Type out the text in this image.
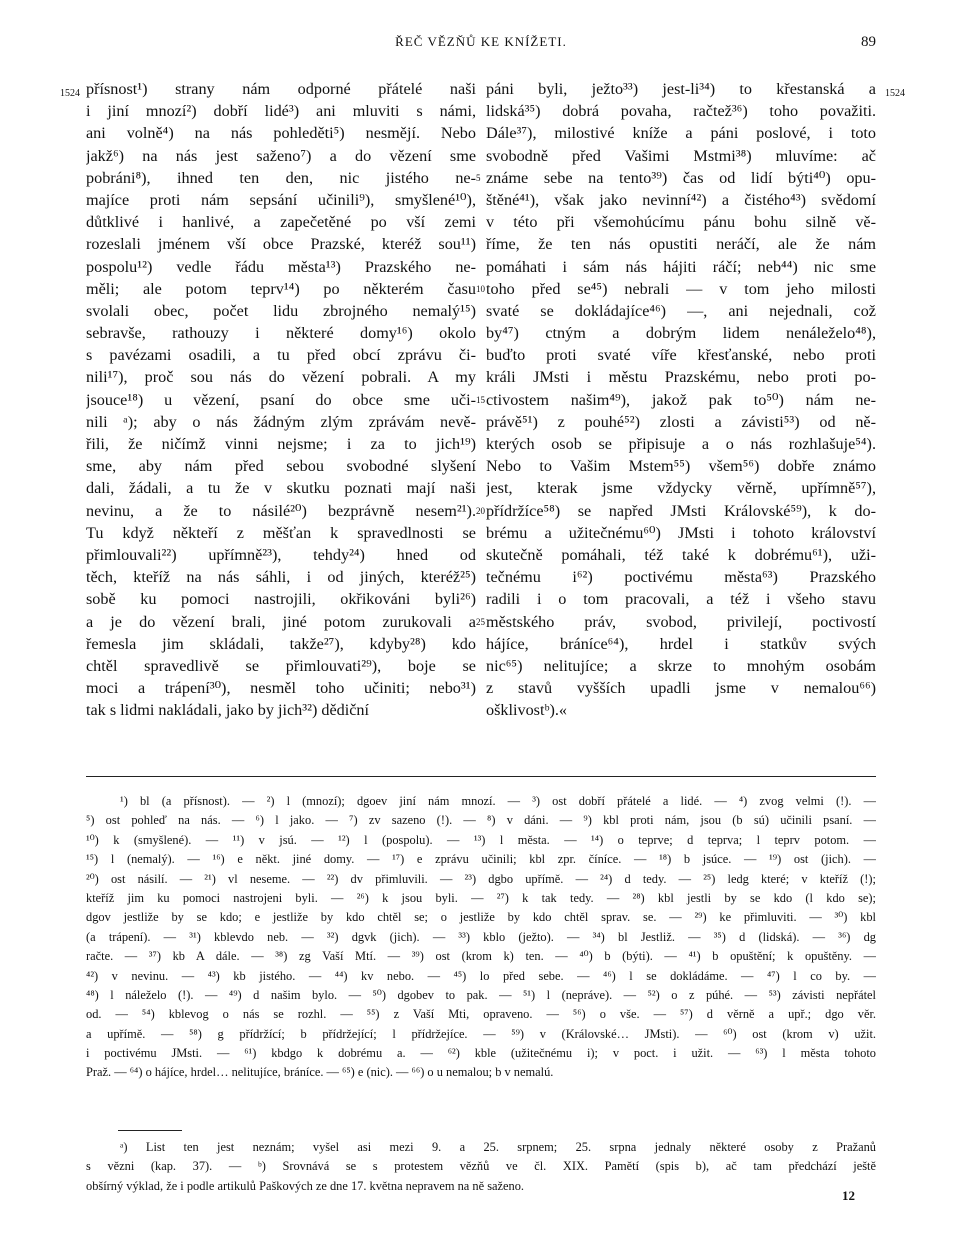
ŘEČ VĚZŇŮ KE KNÍŽETI.	89
1524	1524
přísnost¹) strany nám odporné přátelé naši
i jiní mnozí²) dobří lidé³) ani mluviti s námi,
ani volně⁴) na nás pohleděti⁵) nesmějí. Nebo
jakž⁶) na nás jest saženo⁷) a do vězení sme
pobráni⁸), ihned ten den, nic jistého ne-
majíce proti nám sepsání učinili⁹), smyšlené¹⁰),
důtklivé i hanlivé, a zapečetěné po vší zemi
rozeslali jménem vší obce Prazské, kteréž sou¹¹)
pospolu¹²) vedle řádu města¹³) Prazského ne-
měli; ale potom teprv¹⁴) po některém času
svolali obec, počet lidu zbrojného nemalý¹⁵)
sebravše, rathouzy i některé domy¹⁶) okolo
s pavézami osadili, a tu před obcí zprávu či-
nili¹⁷), proč sou nás do vězení pobrali. A my
jsouce¹⁸) u vězení, psaní do obce sme uči-
nili ᵃ); aby o nás žádným zlým zprávám nevě-
řili, že ničímž vinni nejsme; i za to jich¹⁹)
sme, aby nám před sebou svobodné slyšení
dali, žádali, a tu že v skutku poznati mají naši
nevinu, a že to násilé²⁰) bezprávně nesem²¹).
Tu když někteří z měšťan k spravedlnosti se
přimlouvali²²) upřímně²³), tehdy²⁴) hned od
těch, kteříž na nás sáhli, i od jiných, kteréž²⁵)
sobě ku pomoci nastrojili, okřikováni byli²⁶)
a je do vězení brali, jiné potom zurukovali a
řemesla jim skládali, takže²⁷), kdyby²⁸) kdo
chtěl spravedlivě se přimlouvati²⁹), boje se
moci a trápení³⁰), nesměl toho učiniti; nebo³¹)
tak s lidmi nakládali, jako by jich³²) dědiční
5
10
15
20
25
páni byli, ježto³³) jest-li³⁴) to křestanská a
lidská³⁵) dobrá povaha, račtež³⁶) toho považiti.
Dále³⁷), milostivé kníže a páni poslové, i toto
svobodně před Vašimi Mstmi³⁸) mluvíme: ač
známe sebe na tento³⁹) čas od lidí býti⁴⁰) opu-
štěné⁴¹), však jako nevinní⁴²) a čistého⁴³) svědomí
v této při všemohúcímu pánu bohu silně vě-
říme, že ten nás opustiti neráčí, ale že nám
pomáhati i sám nás hájiti ráčí; neb⁴⁴) nic sme
toho před se⁴⁵) nebrali — v tom jeho milosti
svaté se dokládajíce⁴⁶) —, ani nejednali, což
by⁴⁷) ctným a dobrým lidem nenáleželo⁴⁸),
buďto proti svaté víře křesťanské, nebo proti
králi JMsti i městu Prazskému, nebo proti po-
ctivostem našim⁴⁹), jakož pak to⁵⁰) nám ne-
právě⁵¹) z pouhé⁵²) zlosti a závisti⁵³) od ně-
kterých osob se připisuje a o nás rozhlašuje⁵⁴).
Nebo to Vašim Mstem⁵⁵) všem⁵⁶) dobře známo
jest, kterak jsme vždycky věrně, upřímně⁵⁷),
přídržíce⁵⁸) se napřed JMsti Královské⁵⁹), k do-
brému a užitečnému⁶⁰) JMsti i tohoto království
skutečně pomáhali, též také k dobrému⁶¹), uži-
tečnému i⁶²) poctivému města⁶³) Prazského
radili i o tom pracovali, a též i všeho stavu
městského práv, svobod, privilejí, poctivostí
hájíce, bráníce⁶⁴), hrdel i statkův svých
nic⁶⁵) nelitujíce; a skrze to mnohým osobám
z stavů vyšších upadli jsme v nemalou⁶⁶)
ošklivostᵇ).«
¹) bl (a přísnost). — ²) l (mnozí); dgoev jiní nám mnozí. — ³) ost dobří přátelé a lidé. — ⁴) zvog velmi (!). —
⁵) ost pohleď na nás. — ⁶) l jako. — ⁷) zv sazeno (!). — ⁸) v dáni. — ⁹) kbl proti nám, jsou (b sú) učinili psaní. —
¹⁰) k (smyšlené). — ¹¹) v jsú. — ¹²) l (pospolu). — ¹³) l města. — ¹⁴) o teprve; d teprva; l teprv potom. —
¹⁵) l (nemalý). — ¹⁶) e někt. jiné domy. — ¹⁷) e zprávu učinili; kbl zpr. číníce. — ¹⁸) b jsúce. — ¹⁹) ost (jich). —
²⁰) ost násilí. — ²¹) vl neseme. — ²²) dv přimluvili. — ²³) dgbo upřímě. — ²⁴) d tedy. — ²⁵) ledg které; v kteříž (!);
kteříž jim ku pomoci nastrojeni byli. — ²⁶) k jsou byli. — ²⁷) k tak tedy. — ²⁸) kbl jestli by se kdo (l kdo se);
dgov jestliže by se kdo; e jestliže by kdo chtěl se; o jestliže by kdo chtěl sprav. se. — ²⁹) ke přimluviti. — ³⁰) kbl
(a trápení). — ³¹) kblevdo neb. — ³²) dgvk (jich). — ³³) kblo (ježto). — ³⁴) bl Jestliž. — ³⁵) d (lidská). — ³⁶) dg
račte. — ³⁷) kb A dále. — ³⁸) zg Vaší Mtí. — ³⁹) ost (krom k) ten. — ⁴⁰) b (býti). — ⁴¹) b opuštění; k opuštěny. —
⁴²) v nevinu. — ⁴³) kb jistého. — ⁴⁴) kv nebo. — ⁴⁵) lo před sebe. — ⁴⁶) l se dokládáme. — ⁴⁷) l co by. —
⁴⁸) l náleželo (!). — ⁴⁹) d našim bylo. — ⁵⁰) dgobev to pak. — ⁵¹) l (nepráve). — ⁵²) o z púhé. — ⁵³) závisti nepřátel
od. — ⁵⁴) kblevog o nás se rozhl. — ⁵⁵) z Vaší Mti, opraveno. — ⁵⁶) o vše. — ⁵⁷) d věrně a upř.; dgo věr.
a upřímě. — ⁵⁸) g přídržící; b přídržející; l přídržejíce. — ⁵⁹) v (Královské… JMsti). — ⁶⁰) ost (krom v) užit.
i poctivému JMsti. — ⁶¹) kbdgo k dobrému a. — ⁶²) kble (užitečnému i); v poct. i užit. — ⁶³) l města tohoto
Praž. — ⁶⁴) o hájíce, hrdel… nelitujíce, bráníce. — ⁶⁵) e (nic). — ⁶⁶) o u nemalou; b v nemalú.
ᵃ) List ten jest neznám; vyšel asi mezi 9. a 25. srpnem; 25. srpna jednaly některé osoby z Pražanů
s vězni (kap. 37). — ᵇ) Srovnává se s protestem vězňů ve čl. XIX. Pamětí (spis b), ač tam předchází ještě
obšírný výklad, že i podle artikulů Paškových ze dne 17. května nepravem na ně saženo.
12
